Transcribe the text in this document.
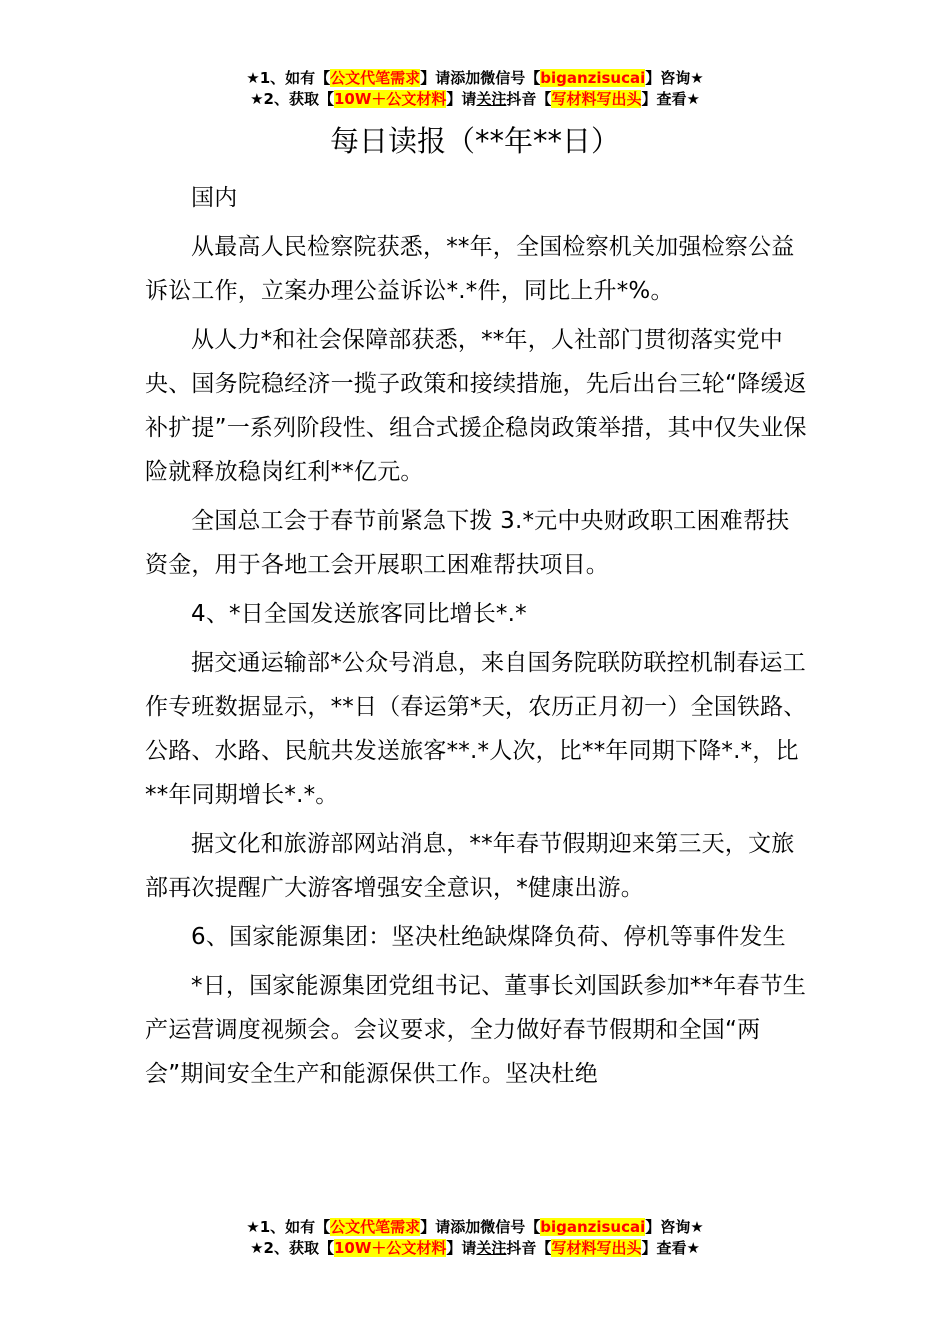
★1、如有【公文代笔需求】请添加微信号【biganzisucai】咨询★
★2、获取【10W＋公文材料】请关注抖音【写材料写出头】查看★
每日读报（**年**日）

国内

从最高人民检察院获悉，**年，全国检察机关加强检察公益诉讼工作，立案办理公益诉讼*.*件，同比上升*%。

从人力*和社会保障部获悉，**年，人社部门贯彻落实党中央、国务院稳经济一揽子政策和接续措施，先后出台三轮“降缓返补扩提”一系列阶段性、组合式援企稳岗政策举措，其中仅失业保险就释放稳岗红利**亿元。

全国总工会于春节前紧急下拨 3.*元中央财政职工困难帮扶资金，用于各地工会开展职工困难帮扶项目。

4、*日全国发送旅客同比增长*.*

据交通运输部*公众号消息，来自国务院联防联控机制春运工作专班数据显示，**日（春运第*天，农历正月初一）全国铁路、公路、水路、民航共发送旅客**.*人次，比**年同期下降*.*，比**年同期增长*.*。

据文化和旅游部网站消息，**年春节假期迎来第三天，文旅部再次提醒广大游客增强安全意识，*健康出游。

6、国家能源集团：坚决杜绝缺煤降负荷、停机等事件发生

*日，国家能源集团党组书记、董事长刘国跃参加**年春节生产运营调度视频会。会议要求，全力做好春节假期和全国“两会”期间安全生产和能源保供工作。坚决杜绝

★1、如有【公文代笔需求】请添加微信号【biganzisucai】咨询★
★2、获取【10W＋公文材料】请关注抖音【写材料写出头】查看★
